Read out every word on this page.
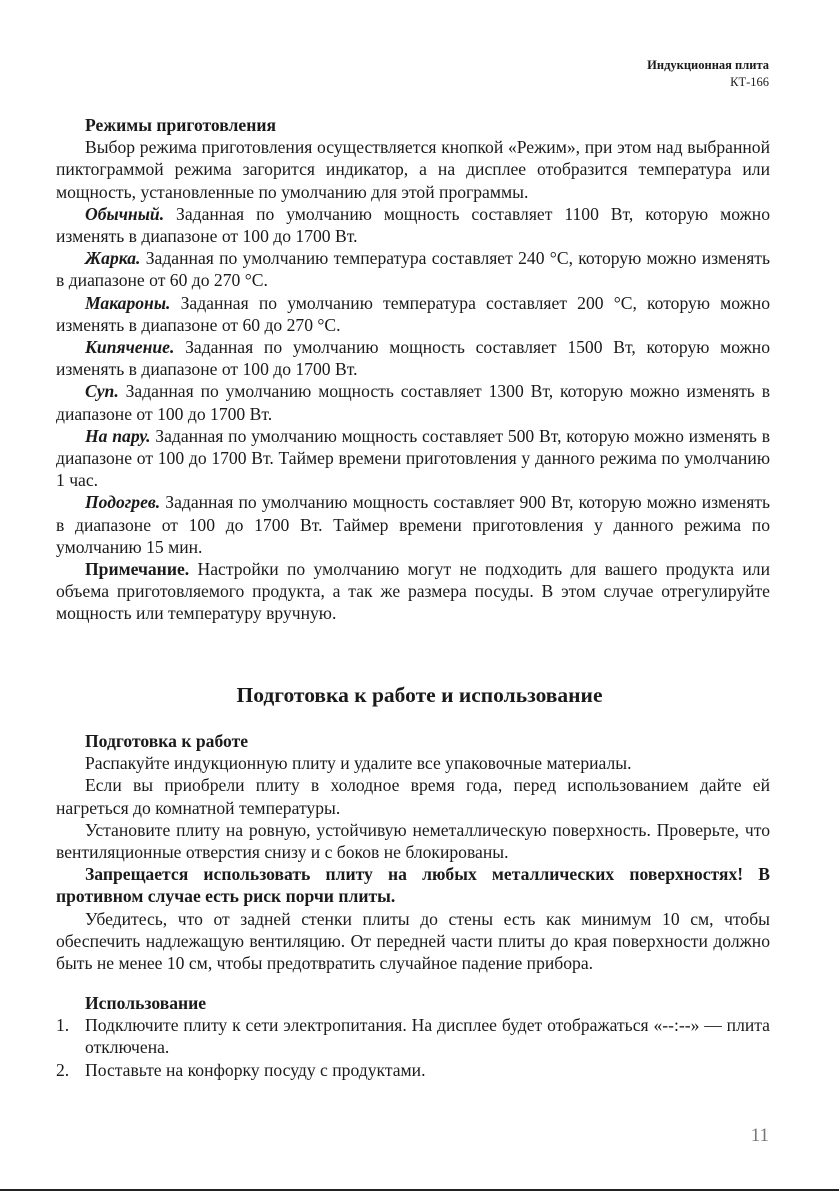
Индукционная плита
КТ-166

Режимы приготовления

Выбор режима приготовления осуществляется кнопкой «Режим», при этом над выбранной пиктограммой режима загорится индикатор, а на дисплее отобразится температура или мощность, установленные по умолчанию для этой программы.

Обычный. Заданная по умолчанию мощность составляет 1100 Вт, которую можно изменять в диапазоне от 100 до 1700 Вт.

Жарка. Заданная по умолчанию температура составляет 240 °С, которую можно изменять в диапазоне от 60 до 270 °С.

Макароны. Заданная по умолчанию температура составляет 200 °С, которую можно изменять в диапазоне от 60 до 270 °С.

Кипячение. Заданная по умолчанию мощность составляет 1500 Вт, которую можно изменять в диапазоне от 100 до 1700 Вт.

Суп. Заданная по умолчанию мощность составляет 1300 Вт, которую можно изменять в диапазоне от 100 до 1700 Вт.

На пару. Заданная по умолчанию мощность составляет 500 Вт, которую можно изменять в диапазоне от 100 до 1700 Вт. Таймер времени приготовления у данного режима по умолчанию 1 час.

Подогрев. Заданная по умолчанию мощность составляет 900 Вт, которую можно изменять в диапазоне от 100 до 1700 Вт. Таймер времени приготовления у данного режима по умолчанию 15 мин.

Примечание. Настройки по умолчанию могут не подходить для вашего продукта или объема приготовляемого продукта, а так же размера посуды. В этом случае отрегулируйте мощность или температуру вручную.

Подготовка к работе и использование

Подготовка к работе

Распакуйте индукционную плиту и удалите все упаковочные материалы.

Если вы приобрели плиту в холодное время года, перед использованием дайте ей нагреться до комнатной температуры.

Установите плиту на ровную, устойчивую неметаллическую поверхность. Проверьте, что вентиляционные отверстия снизу и с боков не блокированы.

Запрещается использовать плиту на любых металлических поверхностях! В противном случае есть риск порчи плиты.

Убедитесь, что от задней стенки плиты до стены есть как минимум 10 см, чтобы обеспечить надлежащую вентиляцию. От передней части плиты до края поверхности должно быть не менее 10 см, чтобы предотвратить случайное падение прибора.

Использование

1. Подключите плиту к сети электропитания. На дисплее будет отображаться «--:--» — плита отключена.
2. Поставьте на конфорку посуду с продуктами.
11
